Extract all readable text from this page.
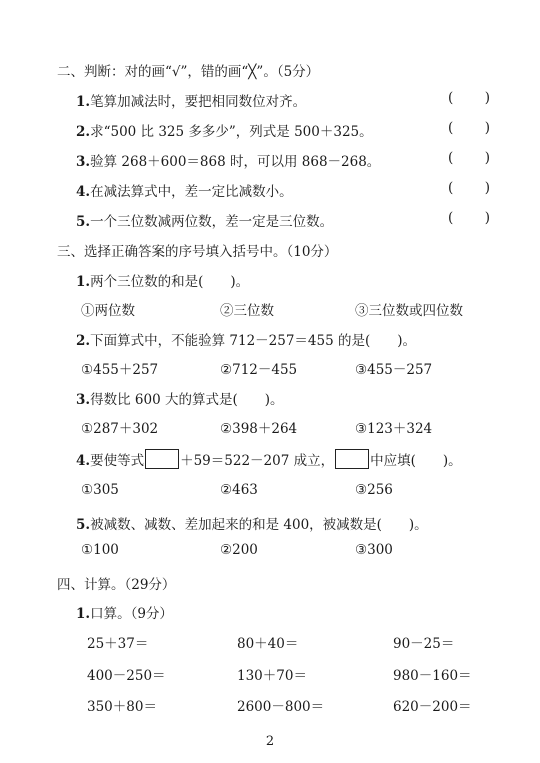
二、判断：对的画“√”，错的画“╳”。（5分）
1.笔算加减法时，要把相同数位对齐。	( )
2.求“500 比 325 多多少”，列式是 500＋325。	( )
3.验算 268＋600＝868 时，可以用 868－268。	( )
4.在减法算式中，差一定比减数小。	( )
5.一个三位数减两位数，差一定是三位数。	( )
三、选择正确答案的序号填入括号中。（10分）
1.两个三位数的和是(　　)。
①两位数	②三位数	③三位数或四位数
2.下面算式中，不能验算 712－257＝455 的是(　　)。
①455＋257	②712－455	③455－257
3.得数比 600 大的算式是(　　)。
①287＋302	②398＋264	③123＋324
4.要使等式	＋59＝522－207 成立，	中应填(　　)。
①305	②463	③256
5.被减数、减数、差加起来的和是 400，被减数是(　　)。
①100	②200	③300
四、计算。（29分）
1.口算。（9分）
25＋37＝	80＋40＝	90－25＝
400－250＝	130＋70＝	980－160＝
350＋80＝	2600－800＝	620－200＝
2
